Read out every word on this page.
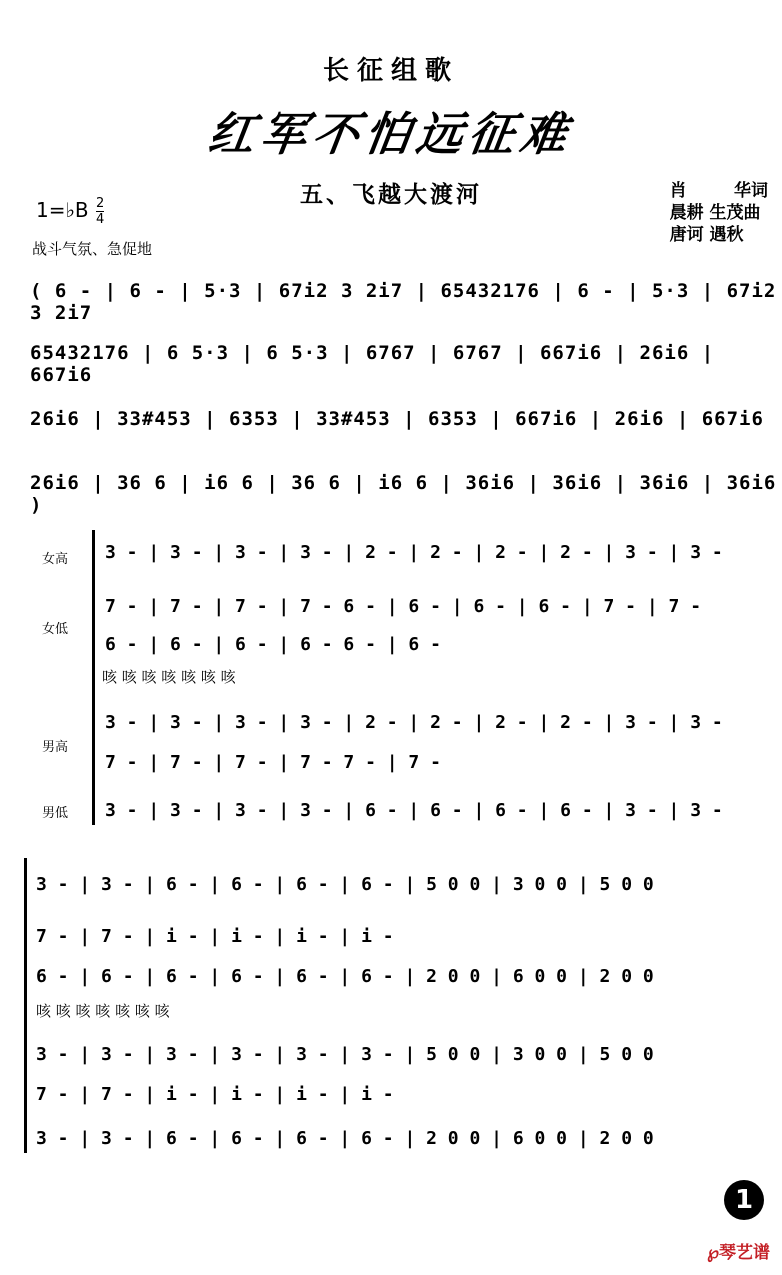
长征组歌
红军不怕远征难
五、飞越大渡河	肖        华词
晨耕 生茂曲
唐诃 遇秋
1=♭B 2
4
战斗气氛、急促地
( 6 - | 6 - | 5·3 | 67i2 3 2i7 | 65432176 | 6 - | 5·3 | 67i2 3 2i7
65432176 | 6 5·3 | 6 5·3 | 6767 | 6767 | 667i6 | 26i6 | 667i6
26i6 | 33#453 | 6353 | 33#453 | 6353 | 667i6 | 26i6 | 667i6
26i6 | 36 6 | i6 6 | 36 6 | i6 6 | 36i6 | 36i6 | 36i6 | 36i6 )
女高
女低
男高
男低
3 - | 3 - | 3 - | 3 - | 2 - | 2 - | 2 - | 2 - | 3 - | 3 -
7 - | 7 - | 7 - | 7 - 6 - | 6 - | 6 - | 6 - | 7 - | 7 -
6 - | 6 - | 6 - | 6 - 6 - | 6 -
咳 咳 咳 咳 咳 咳 咳
3 - | 3 - | 3 - | 3 - | 2 - | 2 - | 2 - | 2 - | 3 - | 3 -
7 - | 7 - | 7 - | 7 - 7 - | 7 -
3 - | 3 - | 3 - | 3 - | 6 - | 6 - | 6 - | 6 - | 3 - | 3 -
3 - | 3 - | 6 - | 6 - | 6 - | 6 - | 5 0 0 | 3 0 0 | 5 0 0
7 - | 7 - | i - | i - | i - | i -
6 - | 6 - | 6 - | 6 - | 6 - | 6 - | 2 0 0 | 6 0 0 | 2 0 0
咳 咳 咳 咳 咳 咳 咳
3 - | 3 - | 3 - | 3 - | 3 - | 3 - | 5 0 0 | 3 0 0 | 5 0 0
7 - | 7 - | i - | i - | i - | i -
3 - | 3 - | 6 - | 6 - | 6 - | 6 - | 2 0 0 | 6 0 0 | 2 0 0
1
℘琴艺谱
